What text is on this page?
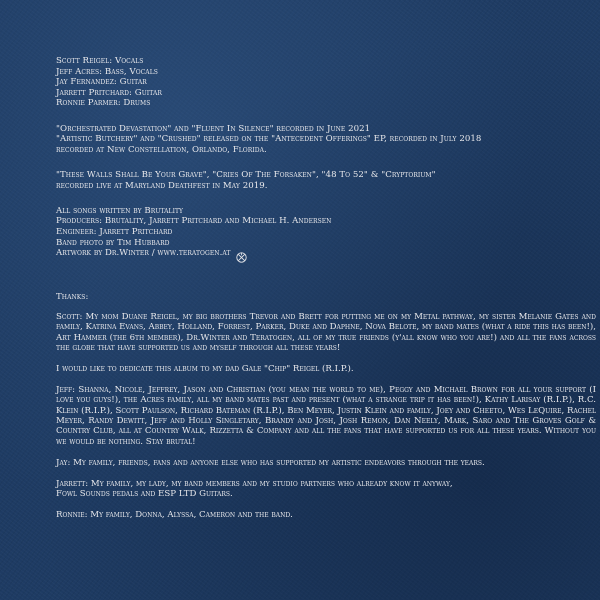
Scott Reigel: Vocals

Jeff Acres: Bass, Vocals

Jay Fernandez: Guitar

Jarrett Pritchard: Guitar

Ronnie Parmer: Drums

"Orchestrated Devastation" and "Fluent In Silence" recorded in June 2021

"Artistic Butchery" and "Crushed" released on the "Antecedent Offerings" EP, recorded in July 2018

recorded at New Constellation, Orlando, Florida.

"These Walls Shall Be Your Grave", "Cries Of The Forsaken", "48 To 52" & "Cryptorium"

recorded live at Maryland Deathfest in May 2019.

All songs written by Brutality

Producers: Brutality, Jarrett Pritchard and Michael H. Andersen

Engineer: Jarrett Pritchard

Band photo by Tim Hubbard

Artwork by Dr.Winter / www.teratogen.at

Thanks:

Scott: My mom Duane Reigel, my big brothers Trevor and Brett for putting me on my Metal pathway, my sister Melanie Gates and family, Katrina Evans, Abbey, Holland, Forrest, Parker, Duke and Daphne, Nova Belote, my band mates (what a ride this has been!), Art Hammer (the 6th member), Dr.Winter and Teratogen, all of my true friends (y'all know who you are!) and all the fans across the globe that have supported us and myself through all these years!

I would like to dedicate this album to my dad Gale "Chip" Reigel (R.I.P.).

Jeff: Shanna, Nicole, Jeffrey, Jason and Christian (you mean the world to me), Peggy and Michael Brown for all your support (I love you guys!), the Acres family, all my band mates past and present (what a strange trip it has been!), Kathy Larisay (R.I.P.), R.C. Klein (R.I.P.), Scott Paulson, Richard Bateman (R.I.P.), Ben Meyer, Justin Klein and family, Joey and Cheeto, Wes LeQuire, Rachel Meyer, Randy Dewitt, Jeff and Holly Singletary, Brandy and Josh, Josh Remon, Dan Neely, Mark, Saro and The Groves Golf & Country Club, all at Country Walk, Rizzetta & Company and all the fans that have supported us for all these years. Without you we would be nothing. Stay brutal!

Jay: My family, friends, fans and anyone else who has supported my artistic endeavors through the years.

Jarrett: My family, my lady, my band members and my studio partners who already know it anyway,
Fowl Sounds pedals and ESP LTD Guitars.

Ronnie: My family, Donna, Alyssa, Cameron and the band.
